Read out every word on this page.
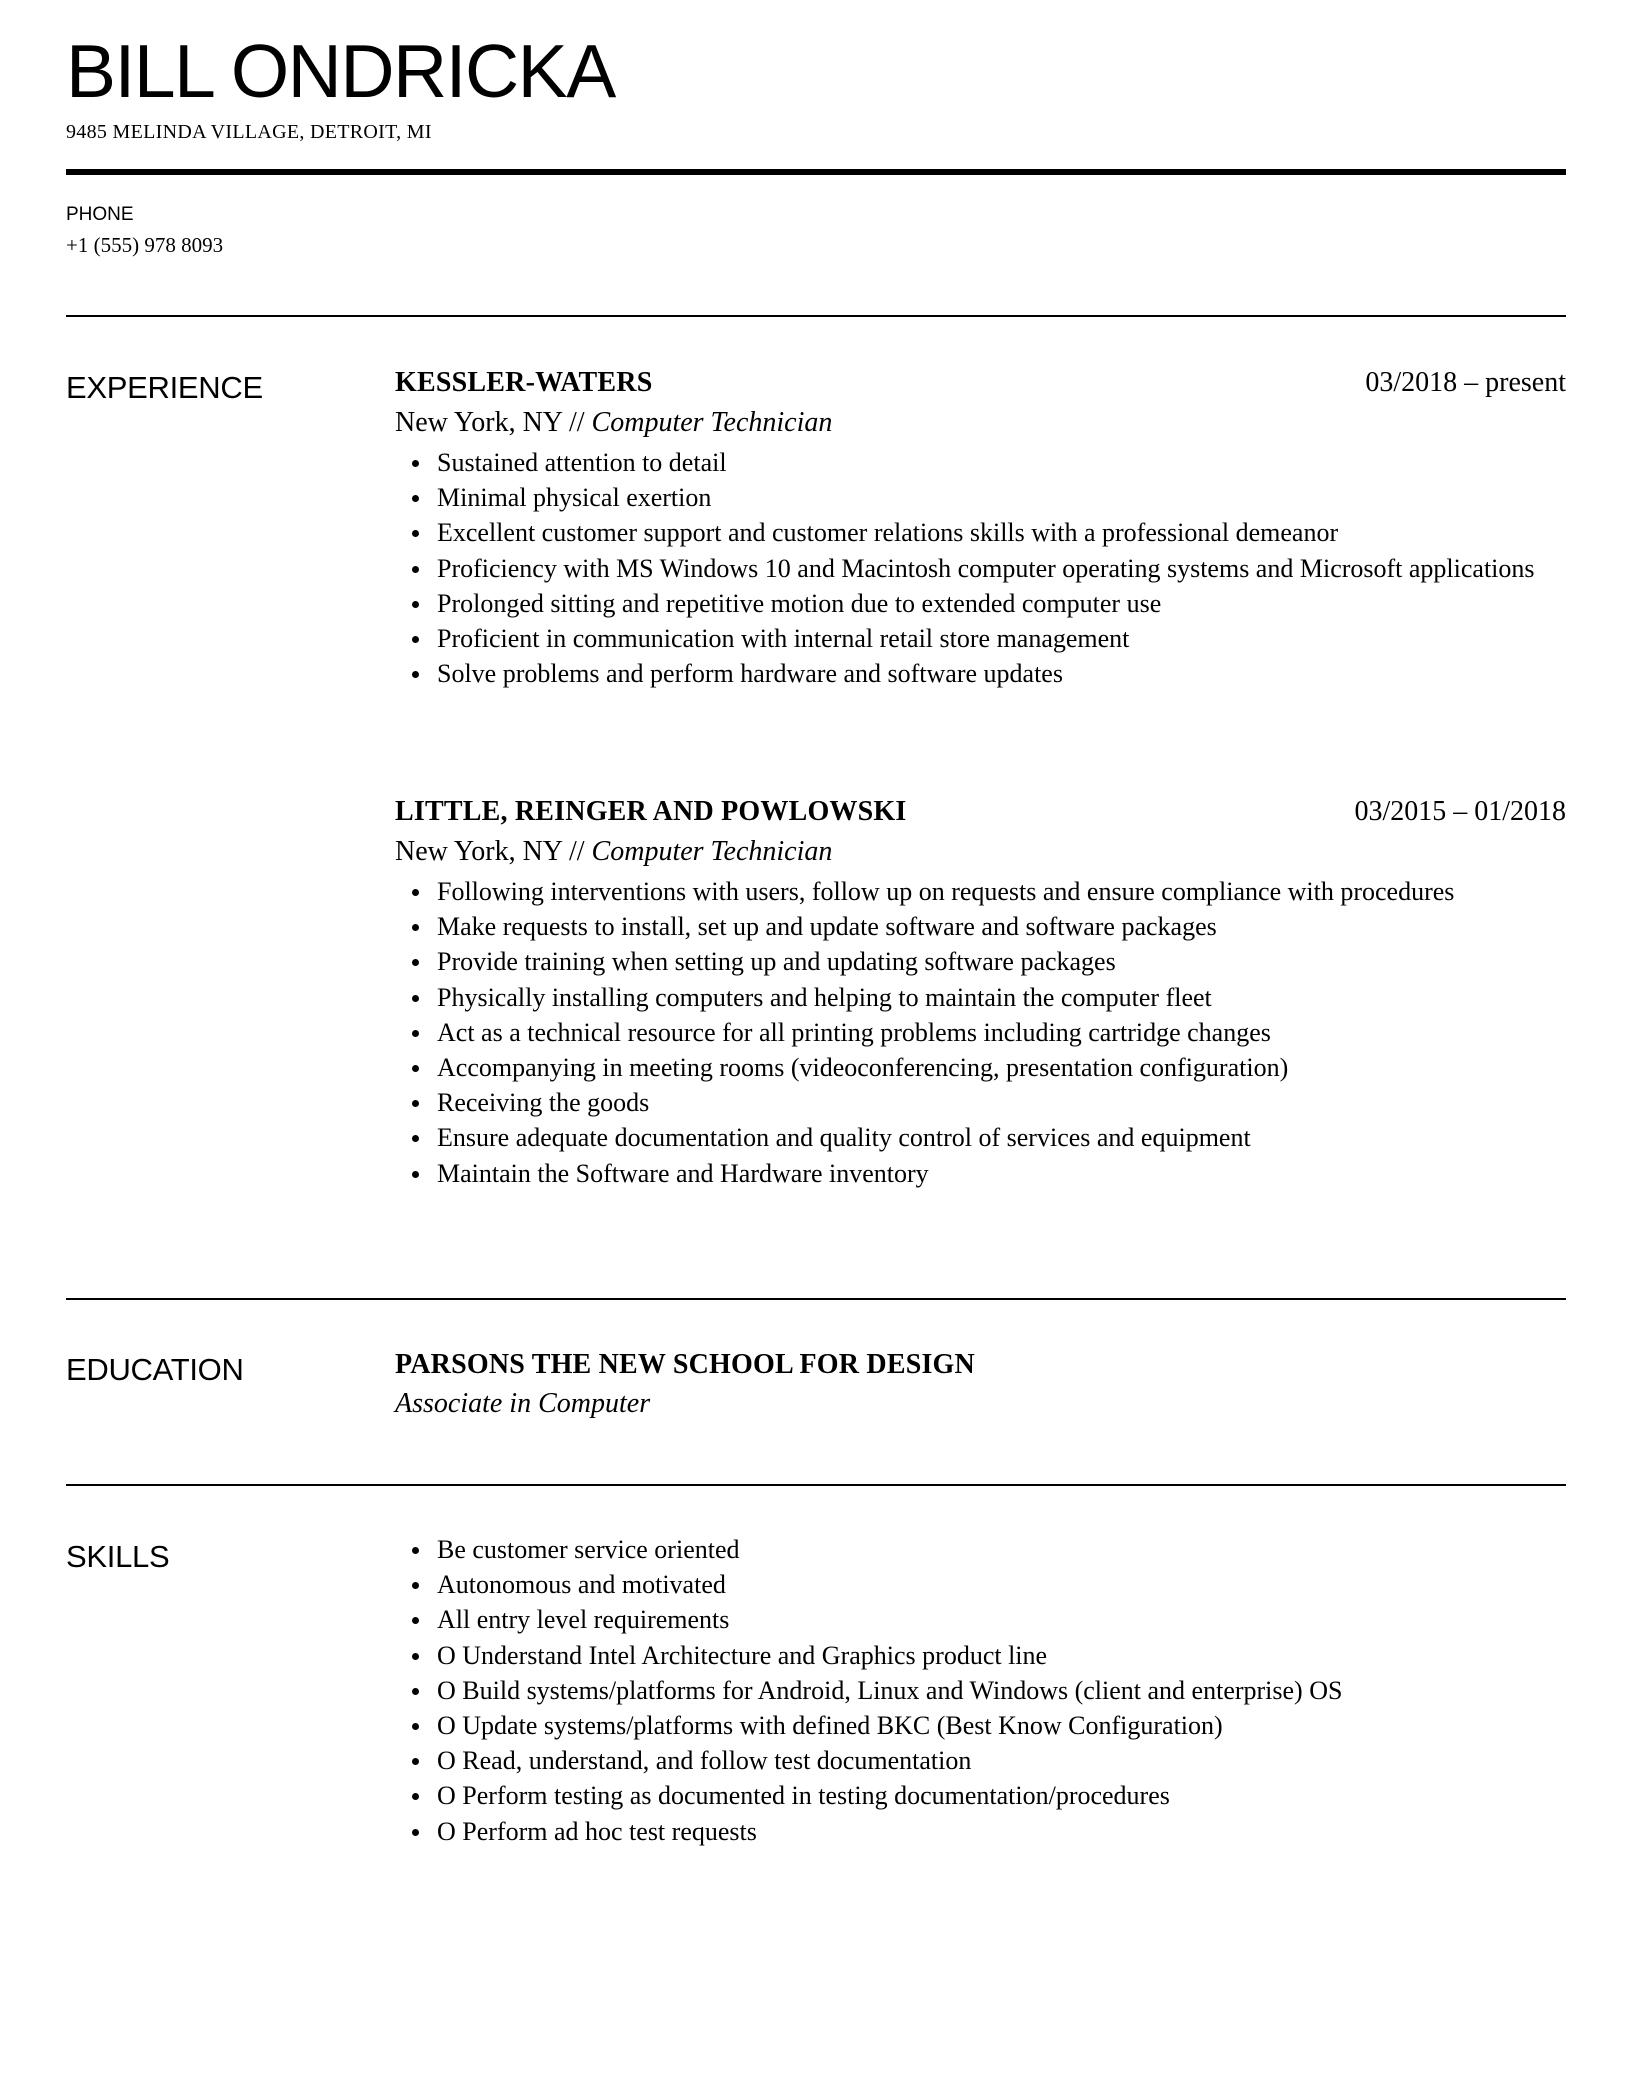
BILL ONDRICKA
9485 MELINDA VILLAGE, DETROIT, MI
PHONE
+1 (555) 978 8093
EXPERIENCE	KESSLER-WATERS	03/2018 – present
New York, NY // Computer Technician
Sustained attention to detail
Minimal physical exertion
Excellent customer support and customer relations skills with a professional demeanor
Proficiency with MS Windows 10 and Macintosh computer operating systems and Microsoft applications
Prolonged sitting and repetitive motion due to extended computer use
Proficient in communication with internal retail store management
Solve problems and perform hardware and software updates
LITTLE, REINGER AND POWLOWSKI	03/2015 – 01/2018
New York, NY // Computer Technician
Following interventions with users, follow up on requests and ensure compliance with procedures
Make requests to install, set up and update software and software packages
Provide training when setting up and updating software packages
Physically installing computers and helping to maintain the computer fleet
Act as a technical resource for all printing problems including cartridge changes
Accompanying in meeting rooms (videoconferencing, presentation configuration)
Receiving the goods
Ensure adequate documentation and quality control of services and equipment
Maintain the Software and Hardware inventory
EDUCATION	PARSONS THE NEW SCHOOL FOR DESIGN
Associate in Computer
SKILLS	Be customer service oriented
Autonomous and motivated
All entry level requirements
O Understand Intel Architecture and Graphics product line
O Build systems/platforms for Android, Linux and Windows (client and enterprise) OS
O Update systems/platforms with defined BKC (Best Know Configuration)
O Read, understand, and follow test documentation
O Perform testing as documented in testing documentation/procedures
O Perform ad hoc test requests
